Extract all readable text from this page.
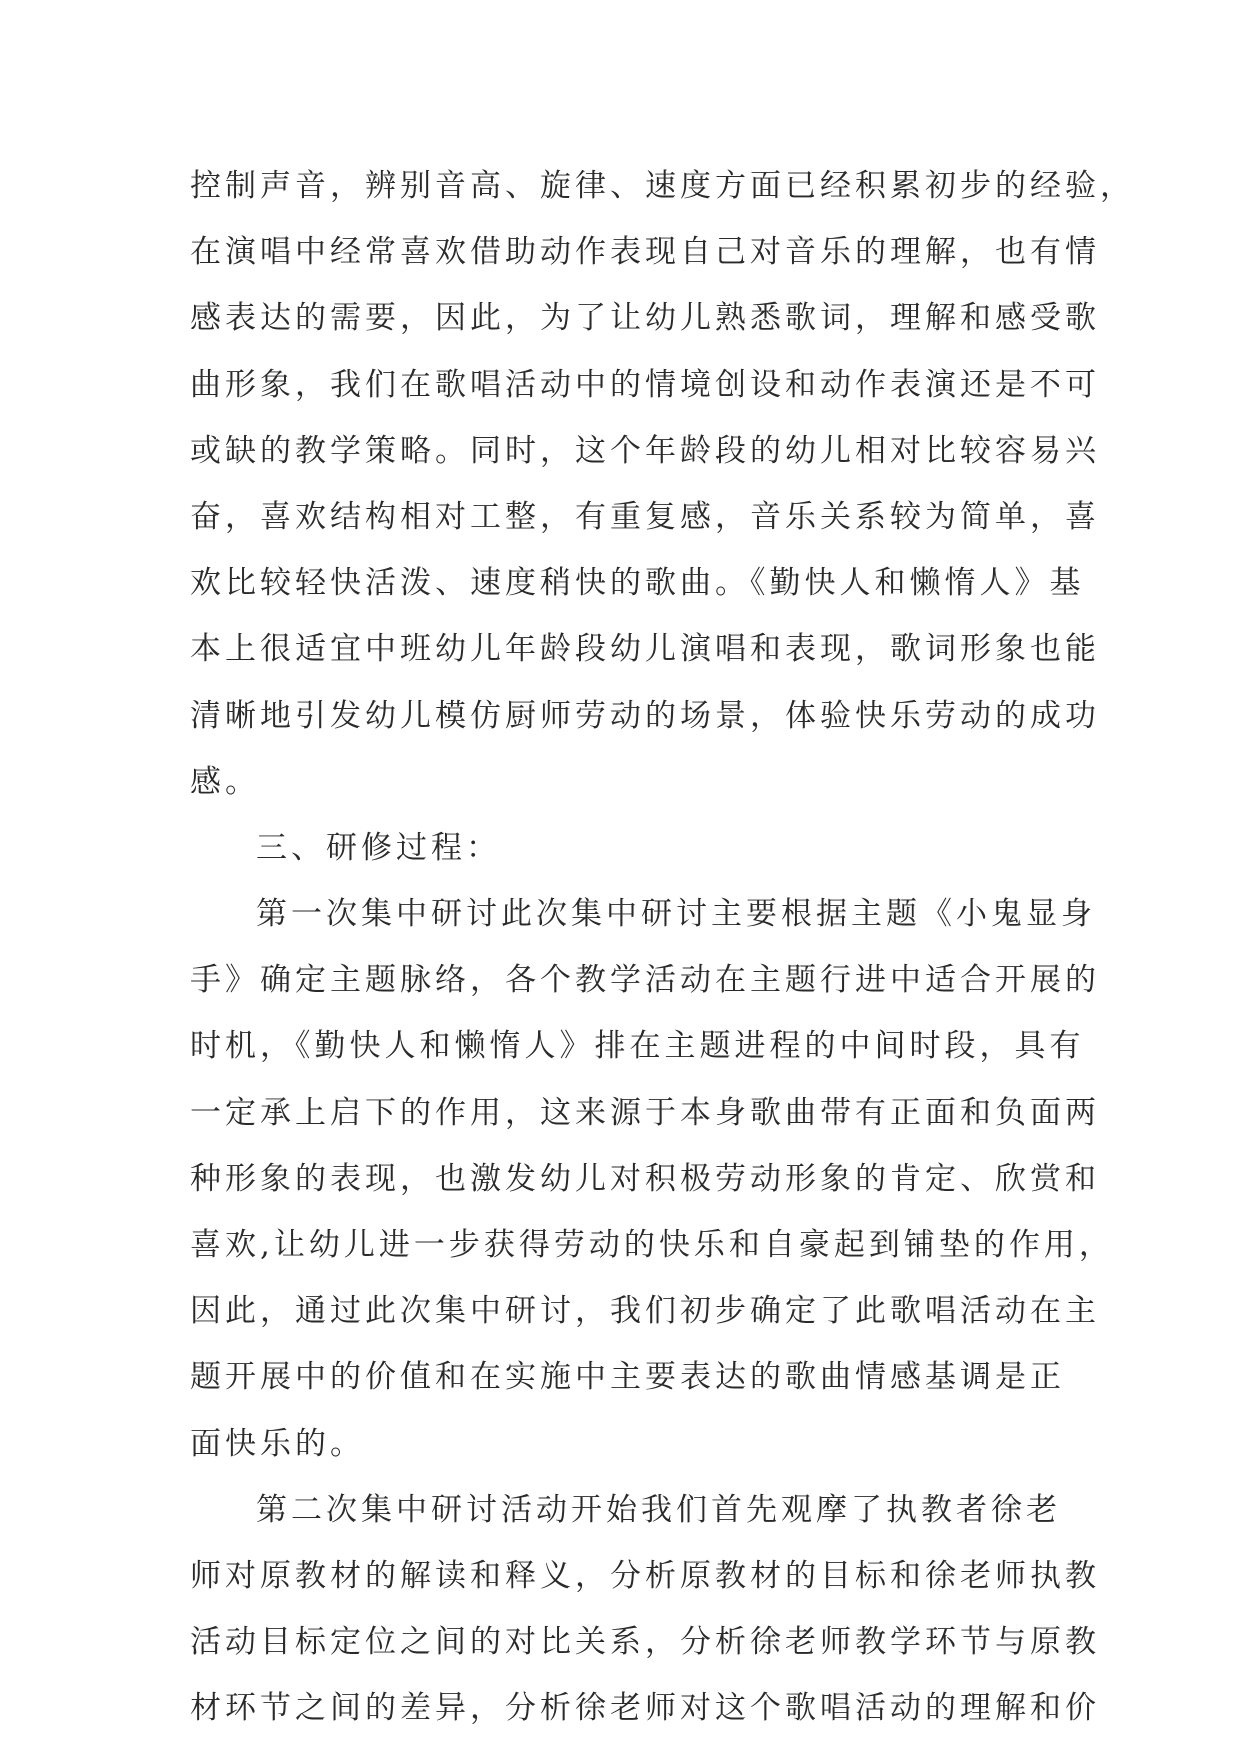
控制声音，辨别音高、旋律、速度方面已经积累初步的经验，
在演唱中经常喜欢借助动作表现自己对音乐的理解，也有情
感表达的需要，因此，为了让幼儿熟悉歌词，理解和感受歌
曲形象，我们在歌唱活动中的情境创设和动作表演还是不可
或缺的教学策略。同时，这个年龄段的幼儿相对比较容易兴
奋，喜欢结构相对工整，有重复感，音乐关系较为简单，喜
欢比较轻快活泼、速度稍快的歌曲。《勤快人和懒惰人》基
本上很适宜中班幼儿年龄段幼儿演唱和表现，歌词形象也能
清晰地引发幼儿模仿厨师劳动的场景，体验快乐劳动的成功
感。
三、研修过程：
第一次集中研讨此次集中研讨主要根据主题《小鬼显身
手》确定主题脉络，各个教学活动在主题行进中适合开展的
时机，《勤快人和懒惰人》排在主题进程的中间时段，具有
一定承上启下的作用，这来源于本身歌曲带有正面和负面两
种形象的表现，也激发幼儿对积极劳动形象的肯定、欣赏和
喜欢,让幼儿进一步获得劳动的快乐和自豪起到铺垫的作用，
因此，通过此次集中研讨，我们初步确定了此歌唱活动在主
题开展中的价值和在实施中主要表达的歌曲情感基调是正
面快乐的。
第二次集中研讨活动开始我们首先观摩了执教者徐老
师对原教材的解读和释义，分析原教材的目标和徐老师执教
活动目标定位之间的对比关系，分析徐老师教学环节与原教
材环节之间的差异，分析徐老师对这个歌唱活动的理解和价
